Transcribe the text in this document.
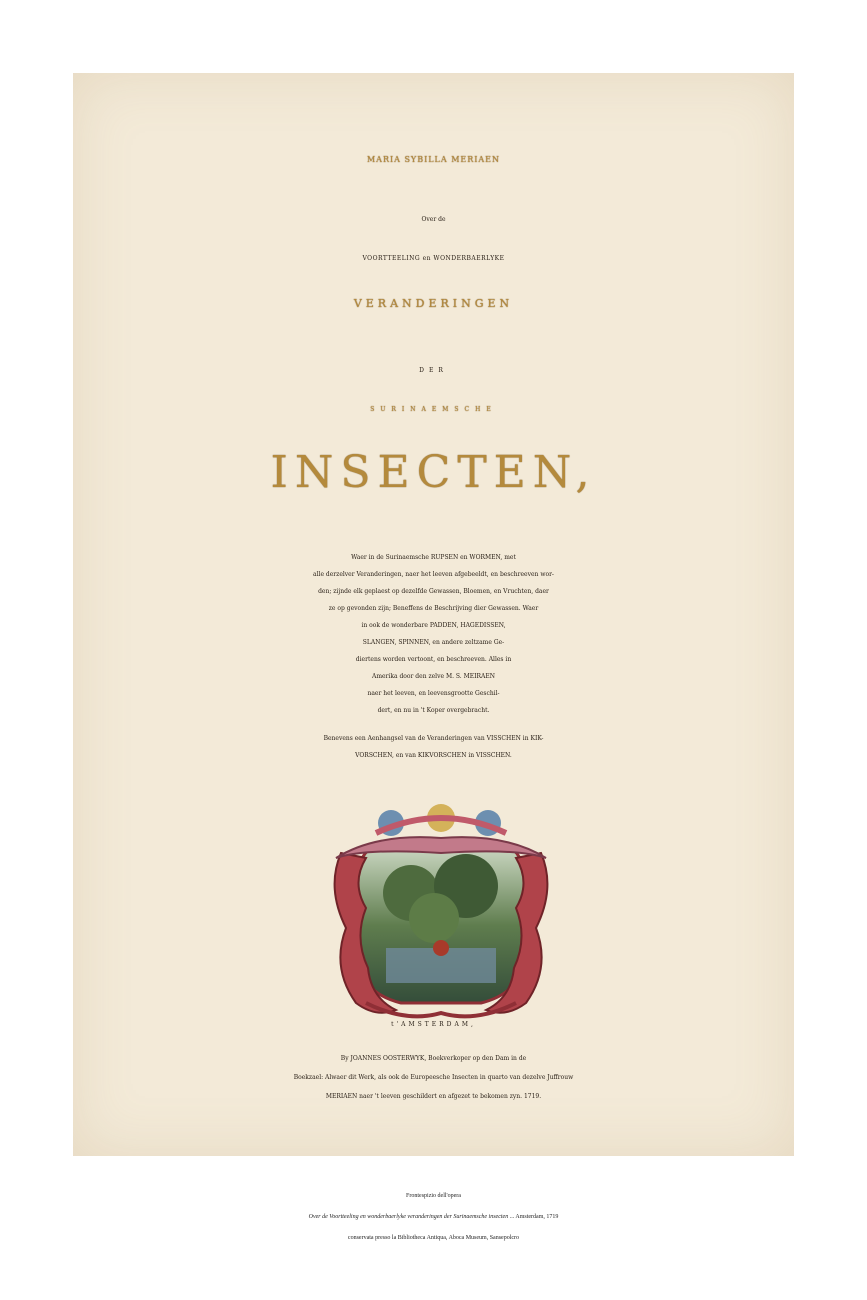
MARIA SYBILLA MERIAEN
Over de
VOORTTEELING en WONDERBAERLYKE
VERANDERINGEN
DER
SURINAEMSCHE
INSECTEN,
Waer in de Surinaemsche RUPSEN en WORMEN, met
alle derzelver Veranderingen, naer het leeven afgebeeldt, en beschreeven wor-
den; zijnde elk geplaest op dezelfde Gewassen, Bloemen, en Vruchten, daer
ze op gevonden zijn; Beneffens de Beschrijving dier Gewassen. Waer
in ook de wonderbare PADDEN, HAGEDISSEN,
SLANGEN, SPINNEN, en andere zeltzame Ge-
diertens worden vertoont, en beschreeven. Alles in
Amerika door den zelve M. S. MEIRAEN
naer het leeven, en leevensgrootte Geschil-
dert, en nu in 't Koper overgebracht.
Benevens een Aenhangsel van de Veranderingen van VISSCHEN in KIK-
VORSCHEN, en van KIKVORSCHEN in VISSCHEN.
t'AMSTERDAM,
By JOANNES OOSTERWYK, Boekverkoper op den Dam in de
Boekzael: Alwaer dit Werk, als ook de Europeesche Insecten in quarto van dezelve Juffrouw
MERIAEN naer 't leeven geschildert en afgezet te bekomen zyn. 1719.
Frontespizio dell'opera
Over de Voortteeling en wonderbaerlyke veranderingen der Surinaemsche insecten ... Amsterdam, 1719
conservata presso la Bibliotheca Antiqua, Aboca Museum, Sansepolcro
